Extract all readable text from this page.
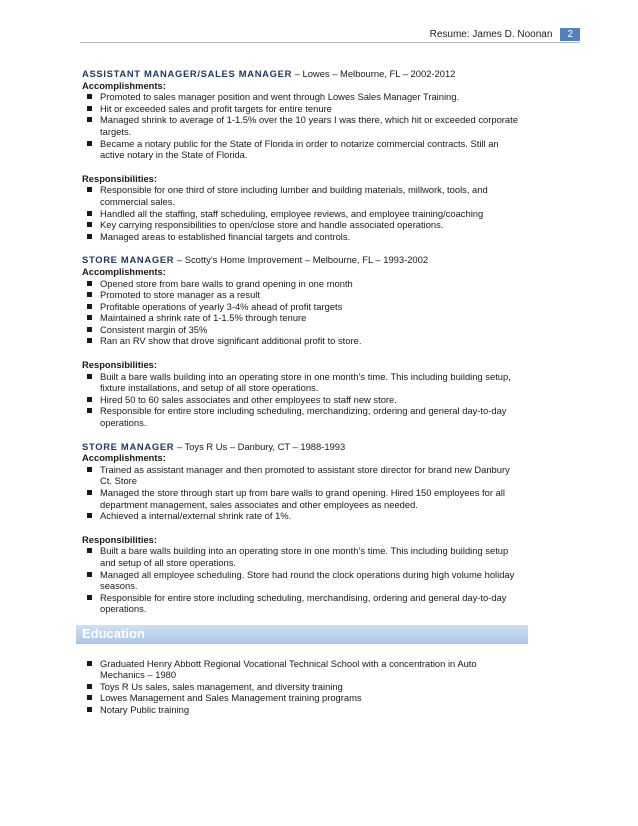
Resume: James D. Noonan	2

ASSISTANT MANAGER/SALES MANAGER – Lowes – Melbourne, FL – 2002-2012

Accomplishments:

Promoted to sales manager position and went through Lowes Sales Manager Training.
Hit or exceeded sales and profit targets for entire tenure
Managed shrink to average of 1-1.5% over the 10 years I was there, which hit or exceeded corporate targets.
Became a notary public for the State of Florida in order to notarize commercial contracts. Still an active notary in the State of Florida.

Responsibilities:

Responsible for one third of store including lumber and building materials, millwork, tools, and commercial sales.
Handled all the staffing, staff scheduling, employee reviews, and employee training/coaching
Key carrying responsibilities to open/close store and handle associated operations.
Managed areas to established financial targets and controls.

STORE MANAGER – Scotty’s Home Improvement – Melbourne, FL – 1993-2002

Accomplishments:

Opened store from bare walls to grand opening in one month
Promoted to store manager as a result
Profitable operations of yearly 3-4% ahead of profit targets
Maintained a shrink rate of 1-1.5% through tenure
Consistent margin of 35%
Ran an RV show that drove significant additional profit to store.

Responsibilities:

Built a bare walls building into an operating store in one month’s time. This including building setup, fixture installations, and setup of all store operations.
Hired 50 to 60 sales associates and other employees to staff new store.
Responsible for entire store including scheduling, merchandizing, ordering and general day-to-day operations.

STORE MANAGER – Toys R Us – Danbury, CT – 1988-1993

Accomplishments:

Trained as assistant manager and then promoted to assistant store director for brand new Danbury Ct. Store
Managed the store through start up from bare walls to grand opening. Hired 150 employees for all department management, sales associates and other employees as needed.
Achieved a internal/external shrink rate of 1%.

Responsibilities:

Built a bare walls building into an operating store in one month’s time. This including building setup and setup of all store operations.
Managed all employee scheduling. Store had round the clock operations during high volume holiday seasons.
Responsible for entire store including scheduling, merchandising, ordering and general day-to-day operations.
Education
Graduated Henry Abbott Regional Vocational Technical School with a concentration in Auto Mechanics – 1980
Toys R Us sales, sales management, and diversity training
Lowes Management and Sales Management training programs
Notary Public training
